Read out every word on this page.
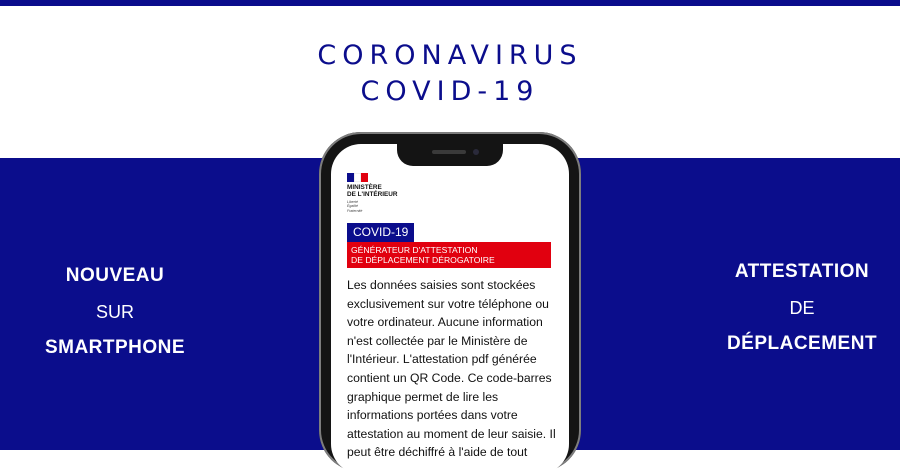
CORONAVIRUS
COVID-19
NOUVEAU
SUR
SMARTPHONE
ATTESTATION
DE
DÉPLACEMENT
MINISTÈRE
DE L'INTÉRIEUR
Liberté
Égalité
Fraternité
COVID-19
GÉNÉRATEUR D'ATTESTATION
DE DÉPLACEMENT DÉROGATOIRE
Les données saisies sont stockées exclusivement sur votre téléphone ou votre ordinateur. Aucune information n'est collectée par le Ministère de l'Intérieur. L'attestation pdf générée contient un QR Code. Ce code-barres graphique permet de lire les informations portées dans votre attestation au moment de leur saisie. Il peut être déchiffré à l'aide de tout
